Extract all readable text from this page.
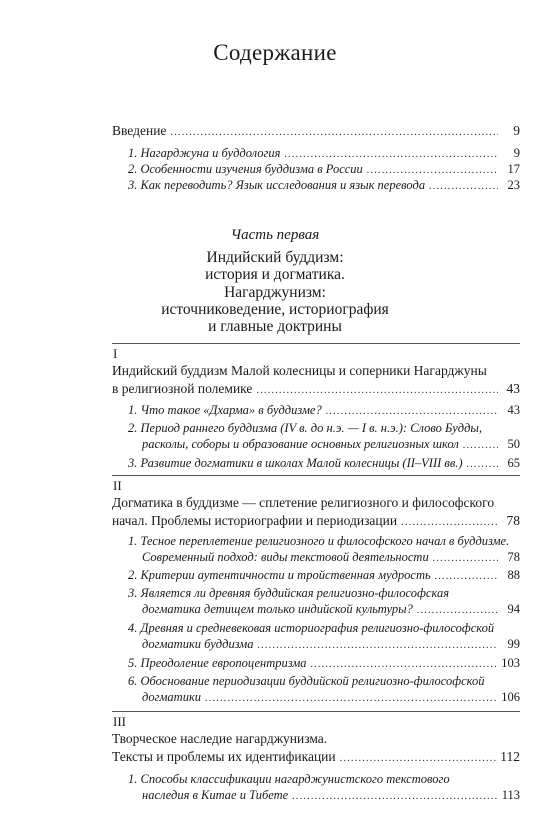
Содержание
Введение .....	9
1. Нагарджуна и буддология .....	9
2. Особенности изучения буддизма в России .....	17
3. Как переводить? Язык исследования и язык перевода .....	23
Часть первая
Индийский буддизм:
история и догматика.
Нагарджунизм:
источниковедение, историография
и главные доктрины
I
Индийский буддизм Малой колесницы и соперники Нагарджуны
в религиозной полемике .....	43
1. Что такое «Дхарма» в буддизме? .....	43
2. Период раннего буддизма (IV в. до н.э. — I в. н.э.): Слово Будды,
расколы, соборы и образование основных религиозных школ .....	50
3. Развитие догматики в школах Малой колесницы (II–VIII вв.) .....	65
II
Догматика в буддизме — сплетение религиозного и философского
начал. Проблемы историографии и периодизации .....	78
1. Тесное переплетение религиозного и философского начал в буддизме.
Современный подход: виды текстовой деятельности .....	78
2. Критерии аутентичности и тройственная мудрость .....	88
3. Является ли древняя буддийская религиозно-философская
догматика детищем только индийской культуры? .....	94
4. Древняя и средневековая историография религиозно-философской
догматики буддизма .....	99
5. Преодоление европоцентризма .....	103
6. Обоснование периодизации буддийской религиозно-философской
догматики .....	106
III
Творческое наследие нагарджунизма.
Тексты и проблемы их идентификации .....	112
1. Способы классификации нагарджунистского текстового
наследия в Китае и Тибете .....	113
